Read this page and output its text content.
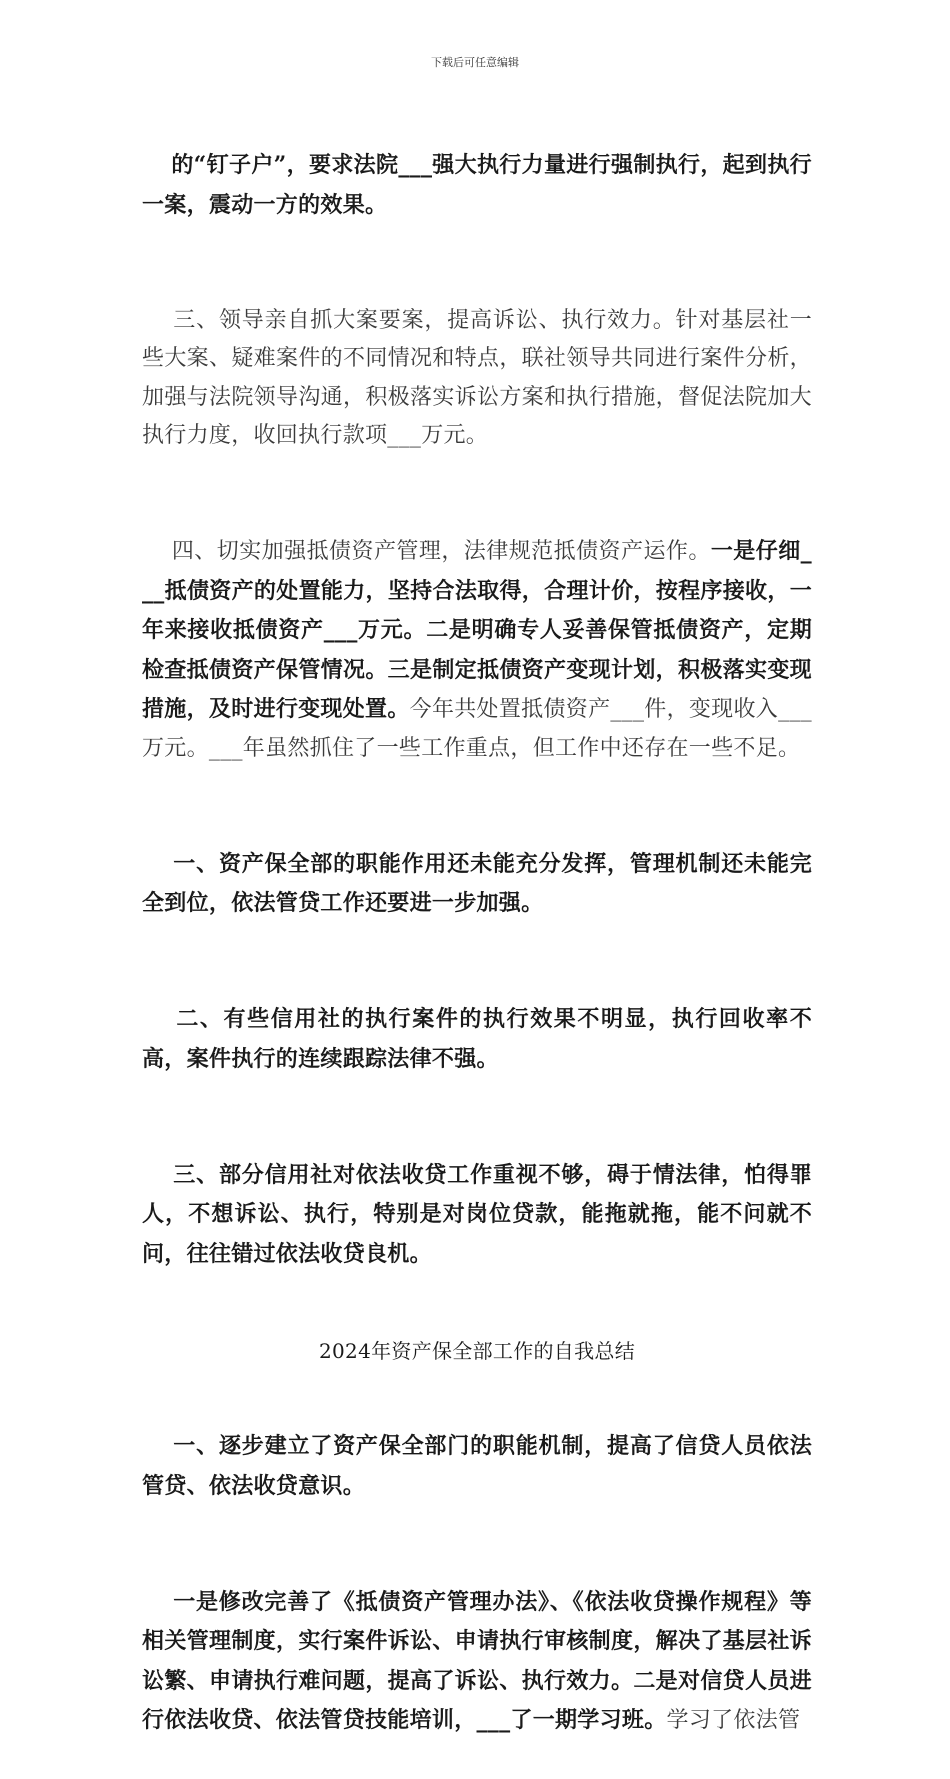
下载后可任意编辑

的“钉子户”，要求法院___强大执行力量进行强制执行，起到执行一案，震动一方的效果。

三、领导亲自抓大案要案，提高诉讼、执行效力。针对基层社一些大案、疑难案件的不同情况和特点，联社领导共同进行案件分析，加强与法院领导沟通，积极落实诉讼方案和执行措施，督促法院加大执行力度，收回执行款项___万元。

四、切实加强抵债资产管理，法律规范抵债资产运作。一是仔细___抵债资产的处置能力，坚持合法取得，合理计价，按程序接收，一年来接收抵债资产___万元。二是明确专人妥善保管抵债资产，定期检查抵债资产保管情况。三是制定抵债资产变现计划，积极落实变现措施，及时进行变现处置。今年共处置抵债资产___件，变现收入___万元。___年虽然抓住了一些工作重点，但工作中还存在一些不足。

一、资产保全部的职能作用还未能充分发挥，管理机制还未能完全到位，依法管贷工作还要进一步加强。

二、有些信用社的执行案件的执行效果不明显，执行回收率不高，案件执行的连续跟踪法律不强。

三、部分信用社对依法收贷工作重视不够，碍于情法律，怕得罪人，不想诉讼、执行，特别是对岗位贷款，能拖就拖，能不问就不问，往往错过依法收贷良机。

2024年资产保全部工作的自我总结

一、逐步建立了资产保全部门的职能机制，提高了信贷人员依法管贷、依法收贷意识。

一是修改完善了《抵债资产管理办法》、《依法收贷操作规程》等相关管理制度，实行案件诉讼、申请执行审核制度，解决了基层社诉讼繁、申请执行难问题，提高了诉讼、执行效力。二是对信贷人员进行依法收贷、依法管贷技能培训，___了一期学习班。学习了依法管
